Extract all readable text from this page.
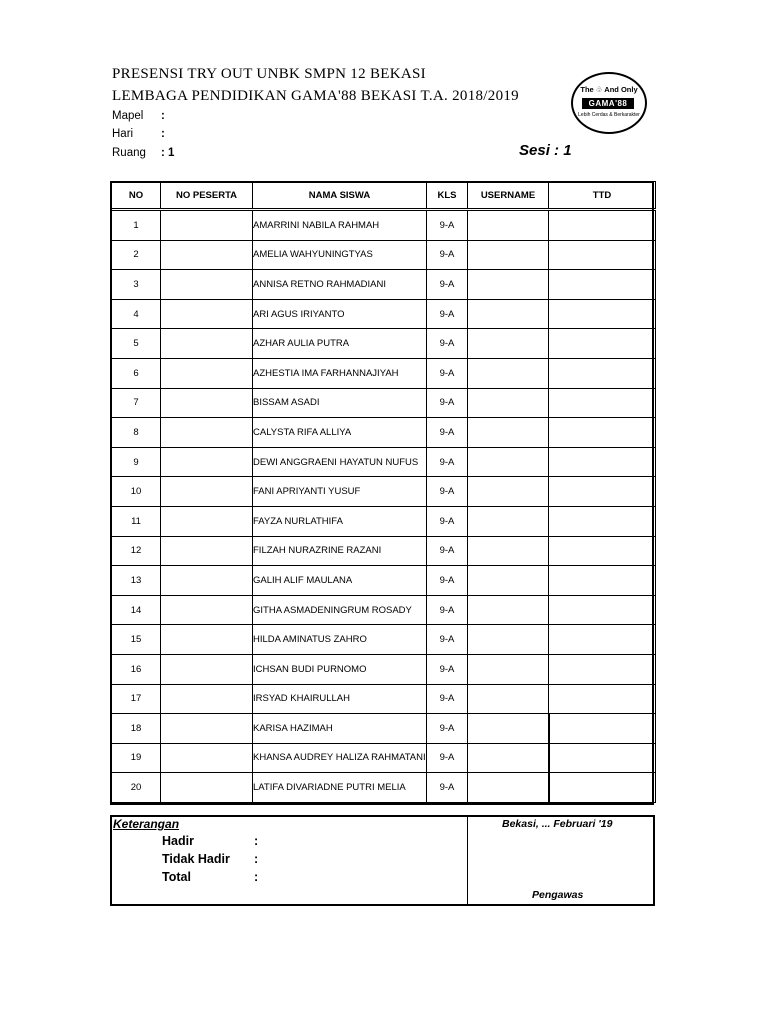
PRESENSI TRY OUT UNBK SMPN 12 BEKASI
LEMBAGA PENDIDIKAN GAMA'88 BEKASI T.A. 2018/2019
Mapel :
Hari :
Ruang : 1	Sesi : 1
The ♧ And Only
GAMA'88
Lebih Cerdas & Berkarakter
NO	NO PESERTA	NAMA SISWA	KLS	USERNAME	TTD
1		AMARRINI NABILA RAHMAH	9-A		
2		AMELIA WAHYUNINGTYAS	9-A		
3		ANNISA RETNO RAHMADIANI	9-A		
4		ARI AGUS IRIYANTO	9-A		
5		AZHAR AULIA PUTRA	9-A		
6		AZHESTIA IMA FARHANNAJIYAH	9-A		
7		BISSAM ASADI	9-A		
8		CALYSTA RIFA ALLIYA	9-A		
9		DEWI ANGGRAENI HAYATUN NUFUS	9-A		
10		FANI APRIYANTI YUSUF	9-A		
11		FAYZA NURLATHIFA	9-A		
12		FILZAH NURAZRINE RAZANI	9-A		
13		GALIH ALIF MAULANA	9-A		
14		GITHA ASMADENINGRUM ROSADY	9-A		
15		HILDA AMINATUS ZAHRO	9-A		
16		ICHSAN BUDI PURNOMO	9-A		
17		IRSYAD KHAIRULLAH	9-A		
18		KARISA HAZIMAH	9-A		
19		KHANSA AUDREY HALIZA RAHMATANI	9-A		
20		LATIFA DIVARIADNE PUTRI MELIA	9-A		
Keterangan
Hadir	:
Tidak Hadir :
Total	:
Bekasi, ... Februari '19
Pengawas
